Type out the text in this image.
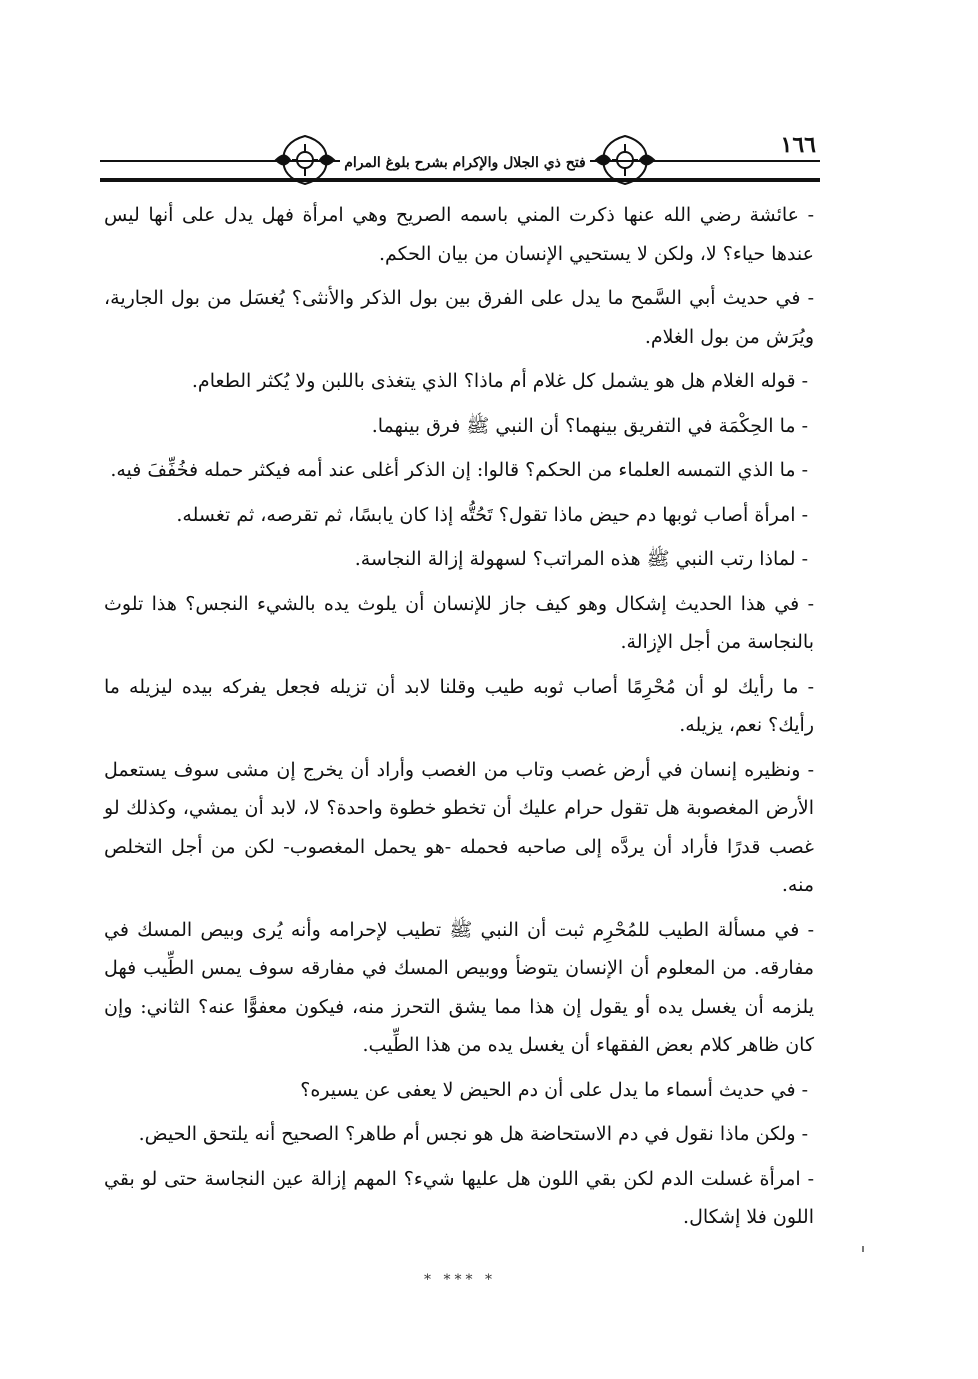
فتح ذي الجلال والإكرام بشرح بلوغ المرام
١٦٦

- عائشة رضي الله عنها ذكرت المني باسمه الصريح وهي امرأة فهل يدل على أنها ليس عندها حياء؟ لا، ولكن لا يستحيي الإنسان من بيان الحكم.

- في حديث أبي السَّمح ما يدل على الفرق بين بول الذكر والأنثى؟ يُغسَل من بول الجارية، ويُرَش من بول الغلام.

- قوله الغلام هل هو يشمل كل غلام أم ماذا؟ الذي يتغذى باللبن ولا يُكثر الطعام.

- ما الحِكْمَة في التفريق بينهما؟ أن النبي ﷺ فرق بينهما.

- ما الذي التمسه العلماء من الحكم؟ قالوا: إن الذكر أغلى عند أمه فيكثر حمله فخُفِّفَ فيه.

- امرأة أصاب ثوبها دم حيض ماذا تقول؟ تَحُتُّه إذا كان يابسًا، ثم تقرصه، ثم تغسله.

- لماذا رتب النبي ﷺ هذه المراتب؟ لسهولة إزالة النجاسة.

- في هذا الحديث إشكال وهو كيف جاز للإنسان أن يلوث يده بالشيء النجس؟ هذا تلوث بالنجاسة من أجل الإزالة.

- ما رأيك لو أن مُحْرِمًا أصاب ثوبه طيب وقلنا لابد أن تزيله فجعل يفركه بيده ليزيله ما رأيك؟ نعم، يزيله.

- ونظيره إنسان في أرض غصب وتاب من الغصب وأراد أن يخرج إن مشى سوف يستعمل الأرض المغصوبة هل تقول حرام عليك أن تخطو خطوة واحدة؟ لا، لابد أن يمشي، وكذلك لو غصب قدرًا فأراد أن يردَّه إلى صاحبه فحمله -هو يحمل المغصوب- لكن من أجل التخلص منه.

- في مسألة الطيب للمُحْرِم ثبت أن النبي ﷺ تطيب لإحرامه وأنه يُرى وبيص المسك في مفارقه. من المعلوم أن الإنسان يتوضأ ووبيص المسك في مفارقه سوف يمس الطِّيب فهل يلزمه أن يغسل يده أو يقول إن هذا مما يشق التحرز منه، فيكون معفوًّا عنه؟ الثاني: وإن كان ظاهر كلام بعض الفقهاء أن يغسل يده من هذا الطِّيب.

- في حديث أسماء ما يدل على أن دم الحيض لا يعفى عن يسيره؟

- ولكن ماذا نقول في دم الاستحاضة هل هو نجس أم طاهر؟ الصحيح أنه يلتحق الحيض.

- امرأة غسلت الدم لكن بقي اللون هل عليها شيء؟ المهم إزالة عين النجاسة حتى لو بقي اللون فلا إشكال.

* *** *
